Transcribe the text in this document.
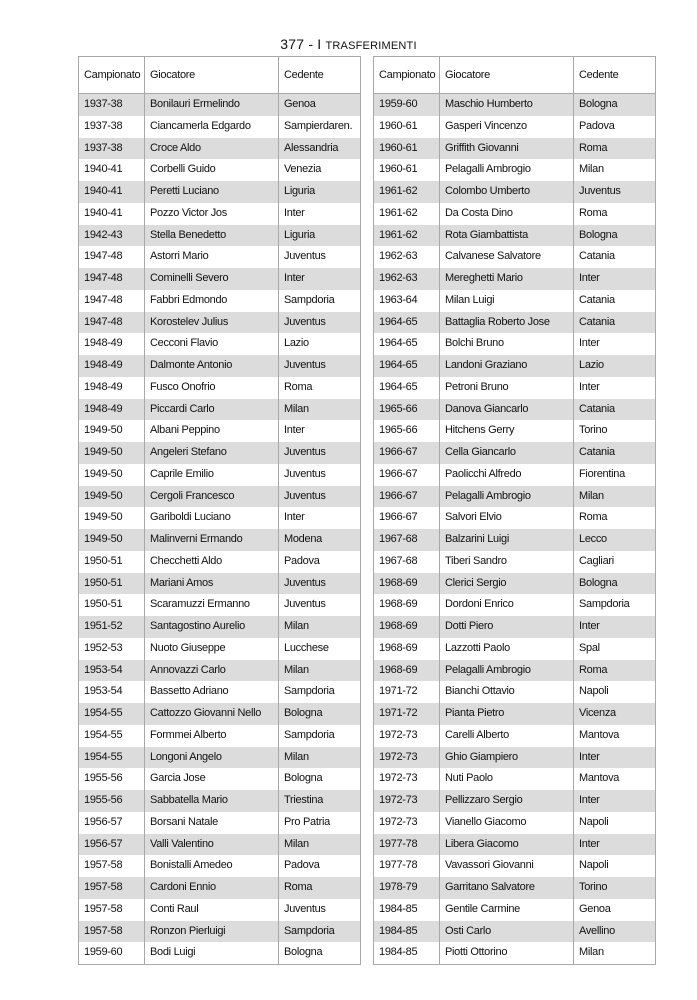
377 - I TRASFERIMENTI
Campionato	Giocatore	Cedente
1937-38	Bonilauri Ermelindo	Genoa
1937-38	Ciancamerla Edgardo	Sampierdaren.
1937-38	Croce Aldo	Alessandria
1940-41	Corbelli Guido	Venezia
1940-41	Peretti Luciano	Liguria
1940-41	Pozzo Victor Jos	Inter
1942-43	Stella Benedetto	Liguria
1947-48	Astorri Mario	Juventus
1947-48	Cominelli Severo	Inter
1947-48	Fabbri Edmondo	Sampdoria
1947-48	Korostelev Julius	Juventus
1948-49	Cecconi Flavio	Lazio
1948-49	Dalmonte Antonio	Juventus
1948-49	Fusco Onofrio	Roma
1948-49	Piccardi Carlo	Milan
1949-50	Albani Peppino	Inter
1949-50	Angeleri Stefano	Juventus
1949-50	Caprile Emilio	Juventus
1949-50	Cergoli Francesco	Juventus
1949-50	Gariboldi Luciano	Inter
1949-50	Malinverni Ermando	Modena
1950-51	Checchetti Aldo	Padova
1950-51	Mariani Amos	Juventus
1950-51	Scaramuzzi Ermanno	Juventus
1951-52	Santagostino Aurelio	Milan
1952-53	Nuoto Giuseppe	Lucchese
1953-54	Annovazzi Carlo	Milan
1953-54	Bassetto Adriano	Sampdoria
1954-55	Cattozzo Giovanni Nello	Bologna
1954-55	Formmei Alberto	Sampdoria
1954-55	Longoni Angelo	Milan
1955-56	Garcia Jose	Bologna
1955-56	Sabbatella Mario	Triestina
1956-57	Borsani Natale	Pro Patria
1956-57	Valli Valentino	Milan
1957-58	Bonistalli Amedeo	Padova
1957-58	Cardoni Ennio	Roma
1957-58	Conti Raul	Juventus
1957-58	Ronzon Pierluigi	Sampdoria
1959-60	Bodi Luigi	Bologna
Campionato	Giocatore	Cedente
1959-60	Maschio Humberto	Bologna
1960-61	Gasperi Vincenzo	Padova
1960-61	Griffith Giovanni	Roma
1960-61	Pelagalli Ambrogio	Milan
1961-62	Colombo Umberto	Juventus
1961-62	Da Costa Dino	Roma
1961-62	Rota Giambattista	Bologna
1962-63	Calvanese Salvatore	Catania
1962-63	Mereghetti Mario	Inter
1963-64	Milan Luigi	Catania
1964-65	Battaglia Roberto Jose	Catania
1964-65	Bolchi Bruno	Inter
1964-65	Landoni Graziano	Lazio
1964-65	Petroni Bruno	Inter
1965-66	Danova Giancarlo	Catania
1965-66	Hitchens Gerry	Torino
1966-67	Cella Giancarlo	Catania
1966-67	Paolicchi Alfredo	Fiorentina
1966-67	Pelagalli Ambrogio	Milan
1966-67	Salvori Elvio	Roma
1967-68	Balzarini Luigi	Lecco
1967-68	Tiberi Sandro	Cagliari
1968-69	Clerici Sergio	Bologna
1968-69	Dordoni Enrico	Sampdoria
1968-69	Dotti Piero	Inter
1968-69	Lazzotti Paolo	Spal
1968-69	Pelagalli Ambrogio	Roma
1971-72	Bianchi Ottavio	Napoli
1971-72	Pianta Pietro	Vicenza
1972-73	Carelli Alberto	Mantova
1972-73	Ghio Giampiero	Inter
1972-73	Nuti Paolo	Mantova
1972-73	Pellizzaro Sergio	Inter
1972-73	Vianello Giacomo	Napoli
1977-78	Libera Giacomo	Inter
1977-78	Vavassori Giovanni	Napoli
1978-79	Garritano Salvatore	Torino
1984-85	Gentile Carmine	Genoa
1984-85	Osti Carlo	Avellino
1984-85	Piotti Ottorino	Milan
